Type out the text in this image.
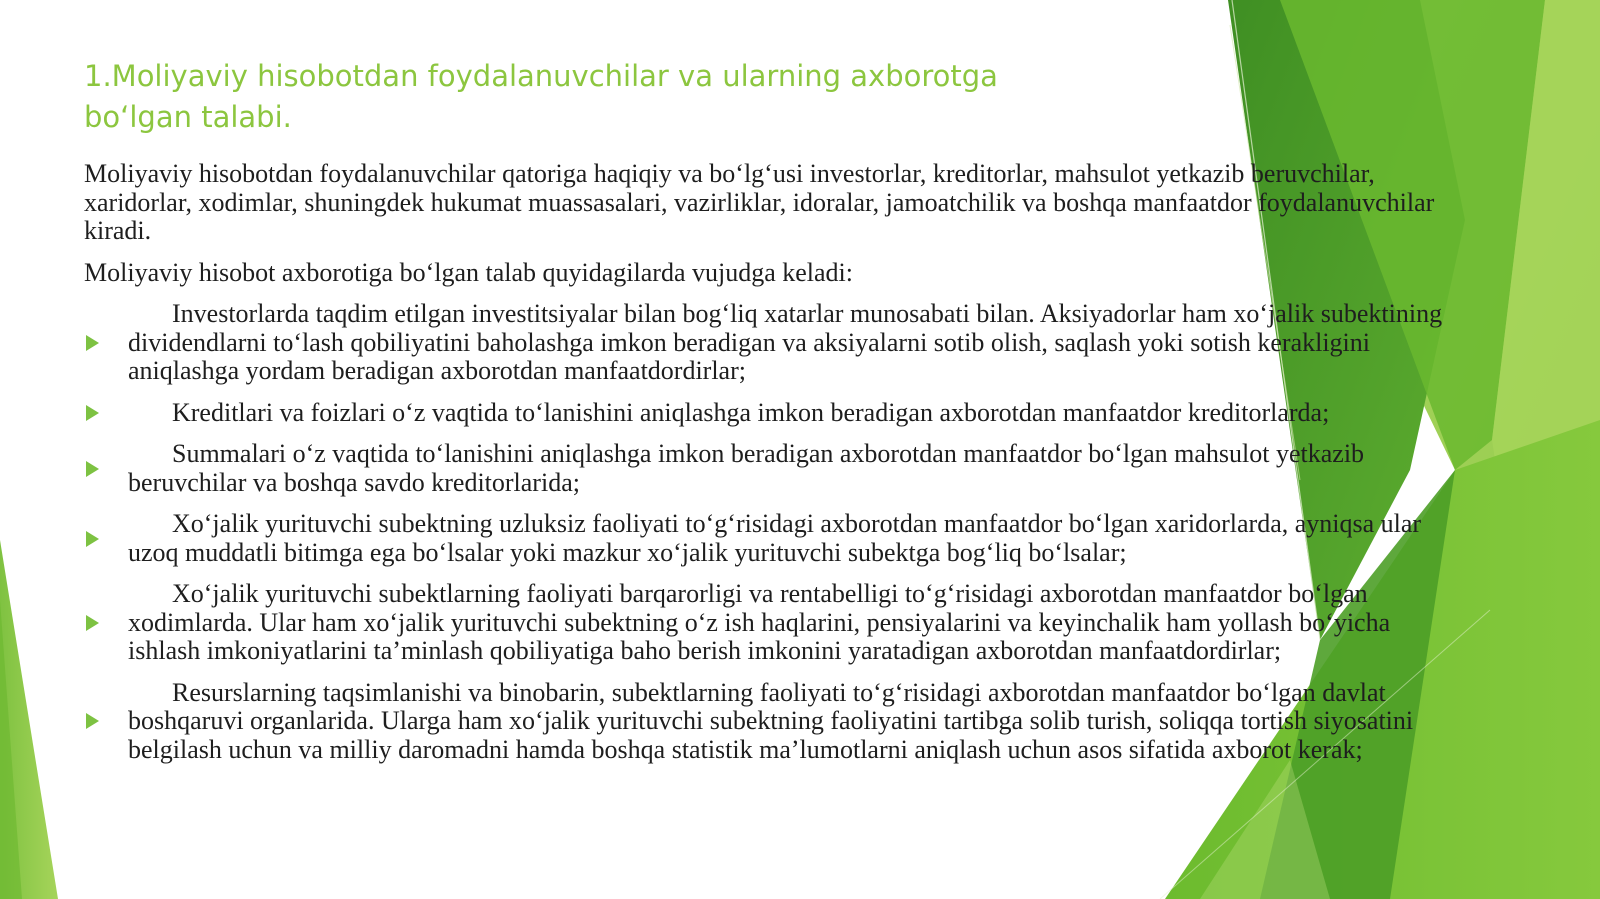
1.Moliyaviy hisobotdan foydalanuvchilar va ularning axborotga bo‘lgan talabi.

Moliyaviy hisobotdan foydalanuvchilar qatoriga haqiqiy va bo‘lg‘usi investorlar, kreditorlar, mahsulot yetkazib beruvchilar, xaridorlar, xodimlar, shuningdek hukumat muassasalari, vazirliklar, idoralar, jamoatchilik va boshqa manfaatdor foydalanuvchilar kiradi.

Moliyaviy hisobot axborotiga bo‘lgan talab quyidagilarda vujudga keladi:

Investorlarda taqdim etilgan investitsiyalar bilan bog‘liq xatarlar munosabati bilan. Aksiyadorlar ham xo‘jalik subektining dividendlarni to‘lash qobiliyatini baholashga imkon beradigan va aksiyalarni sotib olish, saqlash yoki sotish kerakligini aniqlashga yordam beradigan axborotdan manfaatdordirlar;
Kreditlari va foizlari o‘z vaqtida to‘lanishini aniqlashga imkon beradigan axborotdan manfaatdor kreditorlarda;
Summalari o‘z vaqtida to‘lanishini aniqlashga imkon beradigan axborotdan manfaatdor bo‘lgan mahsulot yetkazib beruvchilar va boshqa savdo kreditorlarida;
Xo‘jalik yurituvchi subektning uzluksiz faoliyati to‘g‘risidagi axborotdan manfaatdor bo‘lgan xaridorlarda, ayniqsa ular uzoq muddatli bitimga ega bo‘lsalar yoki mazkur xo‘jalik yurituvchi subektga bog‘liq bo‘lsalar;
Xo‘jalik yurituvchi subektlarning faoliyati barqarorligi va rentabelligi to‘g‘risidagi axborotdan manfaatdor bo‘lgan xodimlarda. Ular ham xo‘jalik yurituvchi subektning o‘z ish haqlarini, pensiyalarini va keyinchalik ham yollash bo‘yicha ishlash imkoniyatlarini ta’minlash qobiliyatiga baho berish imkonini yaratadigan axborotdan manfaatdordirlar;
Resurslarning taqsimlanishi va binobarin, subektlarning faoliyati to‘g‘risidagi axborotdan manfaatdor bo‘lgan davlat boshqaruvi organlarida. Ularga ham xo‘jalik yurituvchi subektning faoliyatini tartibga solib turish, soliqqa tortish siyosatini belgilash uchun va milliy daromadni hamda boshqa statistik ma’lumotlarni aniqlash uchun asos sifatida axborot kerak;
